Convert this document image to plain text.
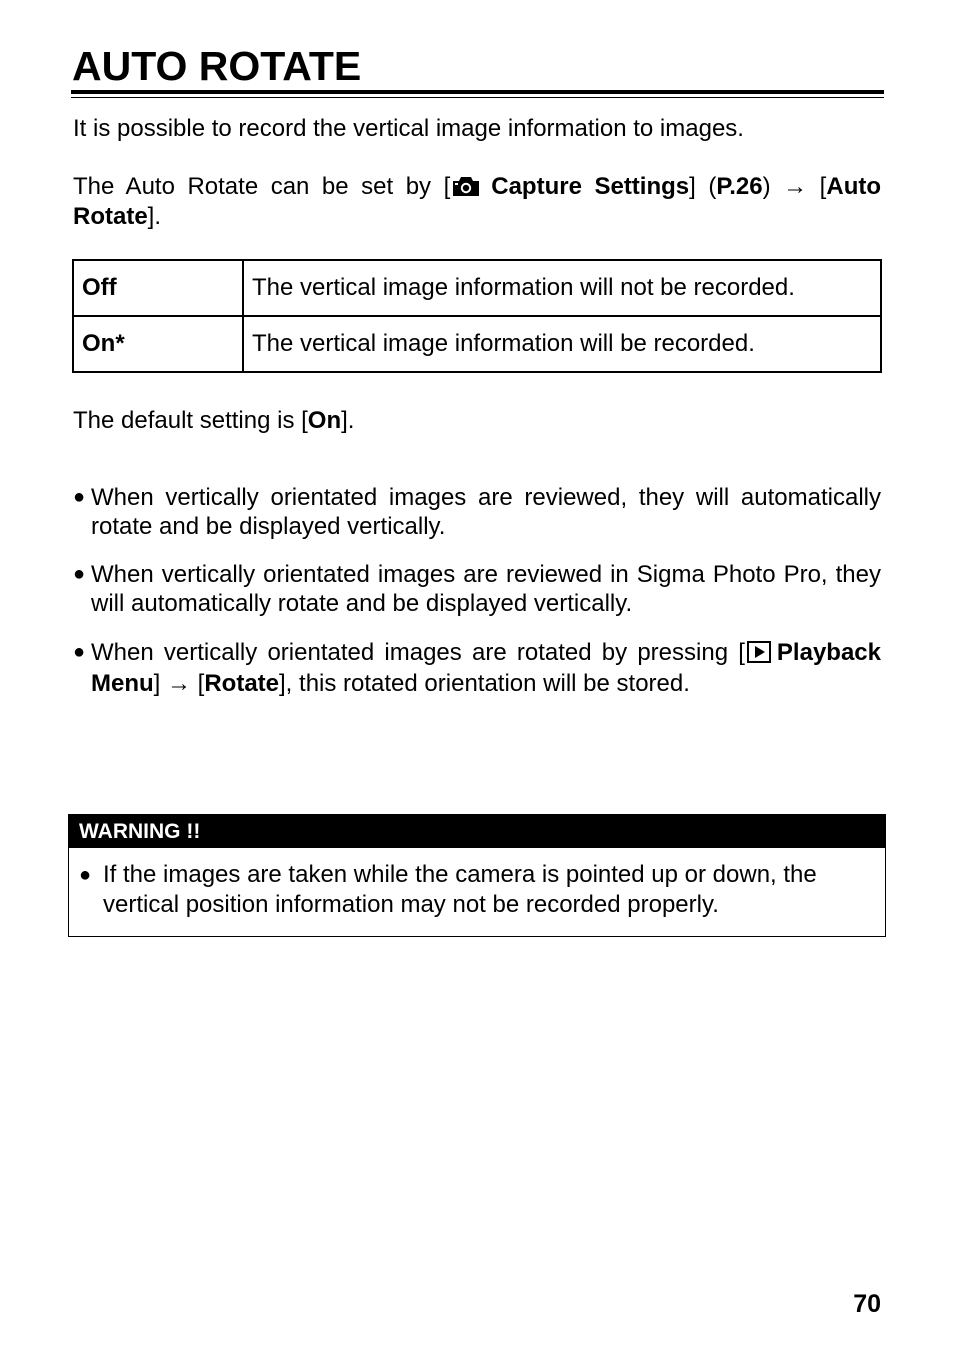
AUTO ROTATE

It is possible to record the vertical image information to images.

The Auto Rotate can be set by [ Capture Settings] (P.26) → [Auto Rotate].

Off	The vertical image information will not be recorded.
On*	The vertical image information will be recorded.

The default setting is [On].

● When vertically orientated images are reviewed, they will automatically rotate and be displayed vertically.
● When vertically orientated images are reviewed in Sigma Photo Pro, they will automatically rotate and be displayed vertically.
● When vertically orientated images are rotated by pressing [ Playback Menu] → [Rotate], this rotated orientation will be stored.
WARNING !!
● If the images are taken while the camera is pointed up or down, the vertical position information may not be recorded properly.
70
